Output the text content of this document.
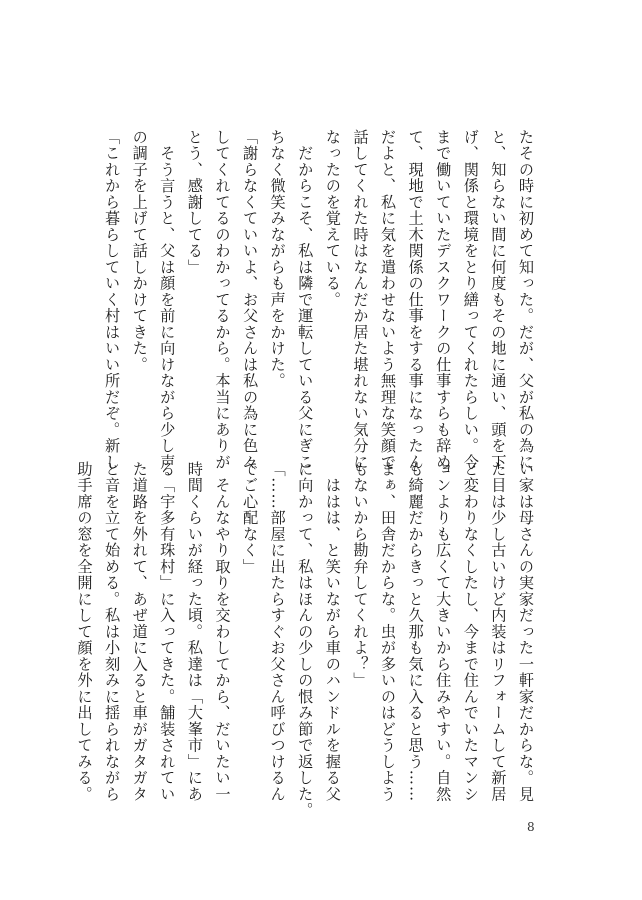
たその時に初めて知った。だが、父が私の為に
と、知らない間に何度もその地に通い、頭を下
げ、関係と環境をとり繕ってくれたらしい。今
まで働いていたデスクワークの仕事すらも辞め
て、現地で土木関係の仕事をする事になったん
だよと、私に気を遣わせないよう無理な笑顔で
話してくれた時はなんだか居た堪れない気分に
なったのを覚えている。
　だからこそ、私は隣で運転している父にぎこ
ちなく微笑みながらも声をかけた。
「謝らなくていいよ、お父さんは私の為に色々
してくれてるのわかってるから。本当にありが
とう、感謝してる」
　そう言うと、父は顔を前に向けながら少し声
の調子を上げて話しかけてきた。
「これから暮らしていく村はいい所だぞ。新し
い家は母さんの実家だった一軒家だからな。見
た目は少し古いけど内装はリフォームして新居
と変わりなくしたし、今まで住んでいたマンシ
ョンよりも広くて大きいから住みやすい。自然
も綺麗だからきっと久那も気に入ると思う……
まぁ、田舎だからな。虫が多いのはどうしよう
もないから勘弁してくれよ？」
　ははは、と笑いながら車のハンドルを握る父
に向かって、私はほんの少しの恨み節で返した。
「……部屋に出たらすぐお父さん呼びつけるん
でご心配なく」
　そんなやり取りを交わしてから、だいたい一
時間くらいが経った頃。私達は「大峯市」にあ
る「宇多有珠村」に入ってきた。舗装されてい
た道路を外れて、あぜ道に入ると車がガタガタ
と音を立て始める。私は小刻みに揺られながら
助手席の窓を全開にして顔を外に出してみる。
8
